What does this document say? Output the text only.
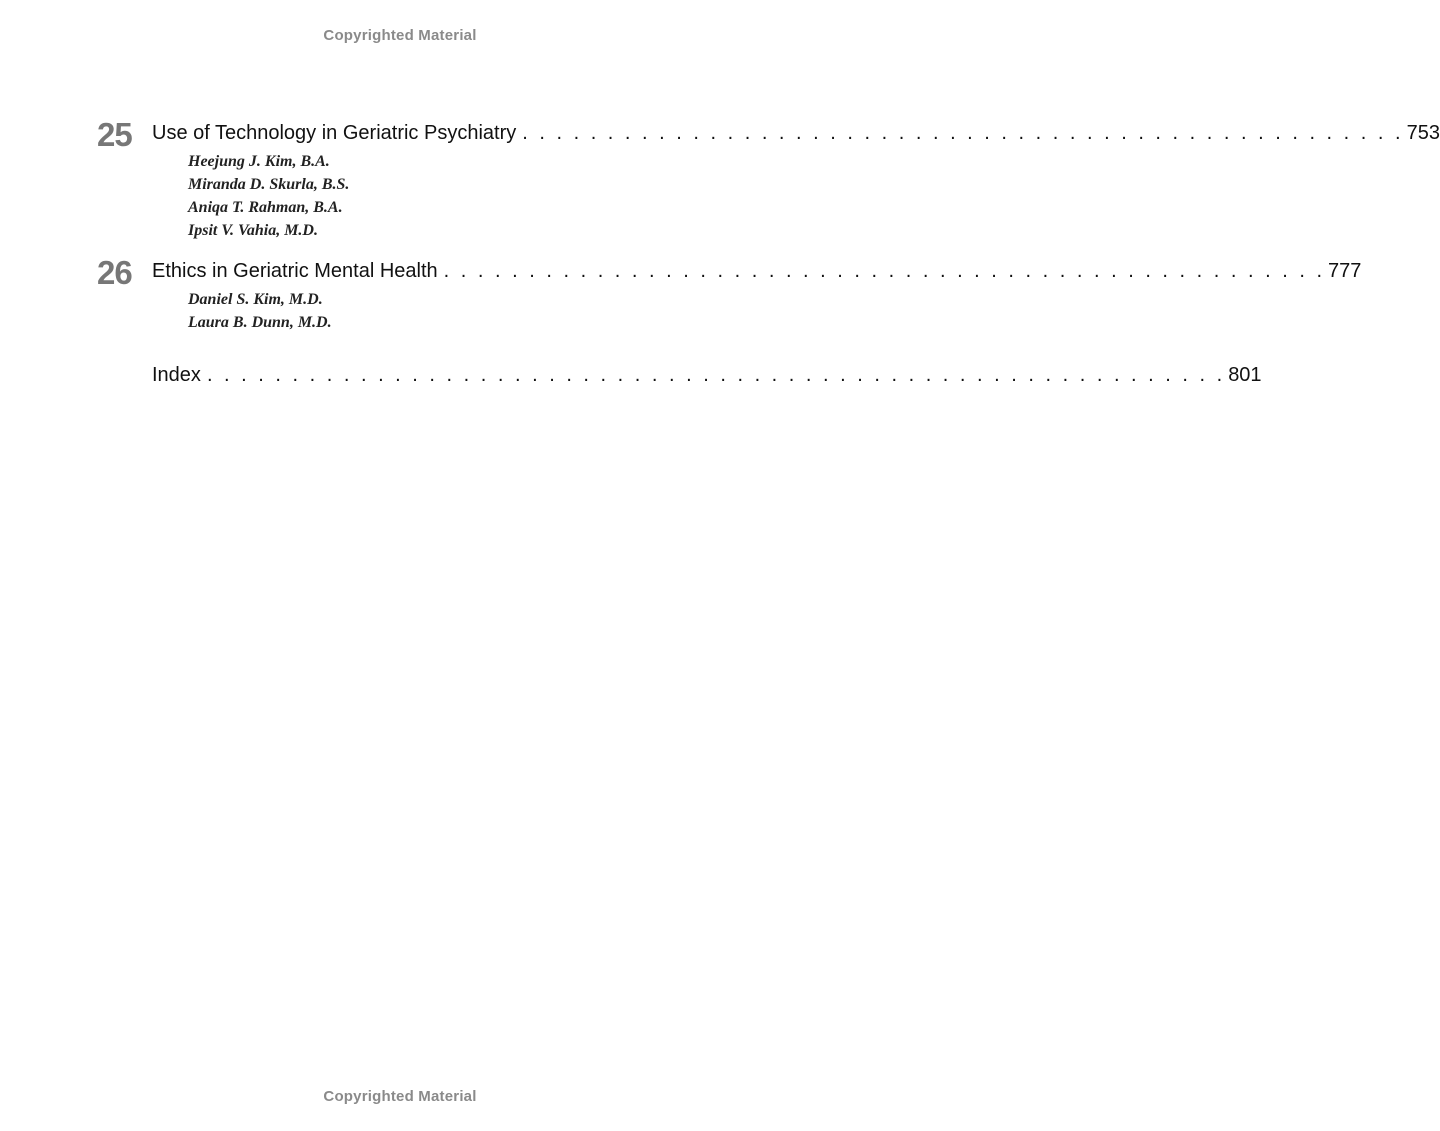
Copyrighted Material
25 Use of Technology in Geriatric Psychiatry . . . . . . . . . . . . . . . . . . . . . . . . . . . . . . . . . . . . . . . . . . . . . . . . . . . . 753
Heejung J. Kim, B.A.
Miranda D. Skurla, B.S.
Aniqa T. Rahman, B.A.
Ipsit V. Vahia, M.D.
26 Ethics in Geriatric Mental Health . . . . . . . . . . . . . . . . . . . . . . . . . . . . . . . . . . . . . . . . . . . . . . . . . . . . 777
Daniel S. Kim, M.D.
Laura B. Dunn, M.D.
Index . . . . . . . . . . . . . . . . . . . . . . . . . . . . . . . . . . . . . . . . . . . . . . . . . . . . . . . . . . . . 801
Copyrighted Material
